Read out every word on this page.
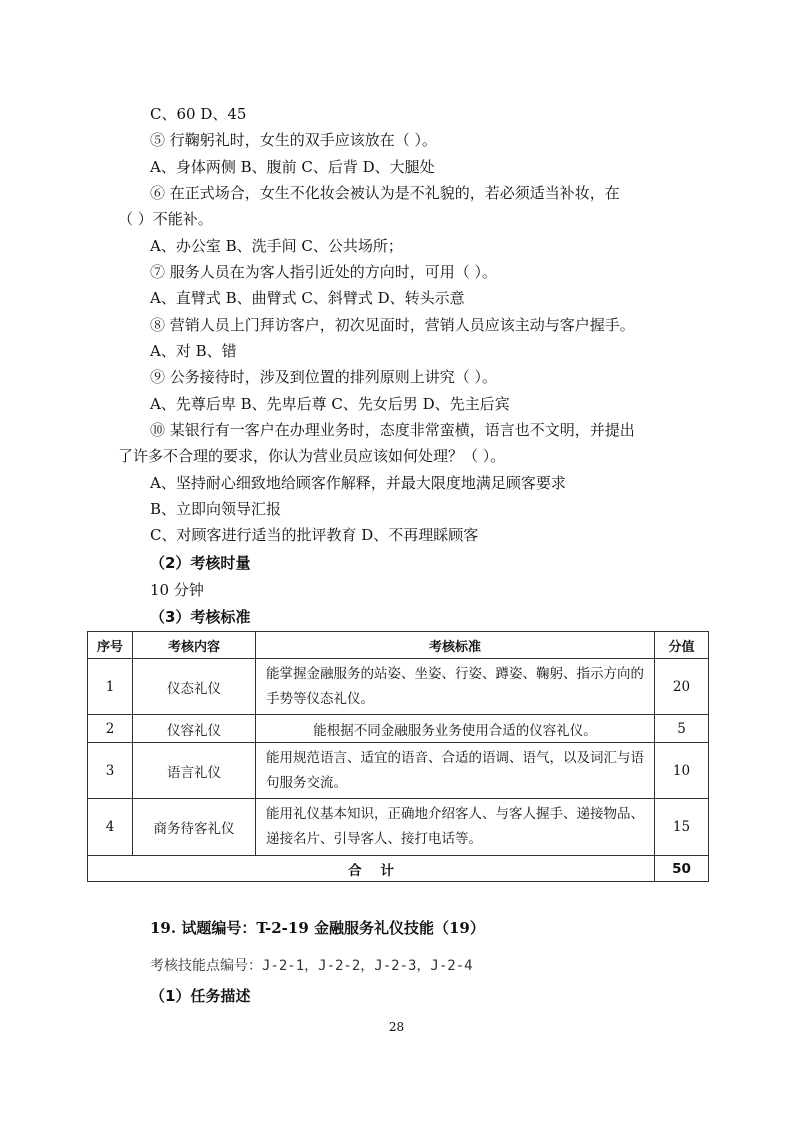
C、60 D、45
⑤ 行鞠躬礼时，女生的双手应该放在（ ）。
A、身体两侧 B、腹前 C、后背 D、大腿处
⑥ 在正式场合，女生不化妆会被认为是不礼貌的，若必须适当补妆，在
（ ）不能补。
A、办公室 B、洗手间 C、公共场所；
⑦ 服务人员在为客人指引近处的方向时，可用（ ）。
A、直臂式 B、曲臂式 C、斜臂式 D、转头示意
⑧ 营销人员上门拜访客户，初次见面时，营销人员应该主动与客户握手。
A、对 B、错
⑨ 公务接待时，涉及到位置的排列原则上讲究（ ）。
A、先尊后卑 B、先卑后尊 C、先女后男 D、先主后宾
⑩ 某银行有一客户在办理业务时，态度非常蛮横，语言也不文明，并提出
了许多不合理的要求，你认为营业员应该如何处理？（ ）。
A、坚持耐心细致地给顾客作解释，并最大限度地满足顾客要求
B、立即向领导汇报
C、对顾客进行适当的批评教育 D、不再理睬顾客
（2）考核时量
10 分钟
（3）考核标准
序号	考核内容	考核标准	分值
1	仪态礼仪	能掌握金融服务的站姿、坐姿、行姿、蹲姿、鞠躬、指示方向的手势等仪态礼仪。	20
2	仪容礼仪	能根据不同金融服务业务使用合适的仪容礼仪。	5
3	语言礼仪	能用规范语言、适宜的语音、合适的语调、语气，以及词汇与语句服务交流。	10
4	商务待客礼仪	能用礼仪基本知识，正确地介绍客人、与客人握手、递接物品、递接名片、引导客人、接打电话等。	15
合    计			50
19. 试题编号：T-2-19 金融服务礼仪技能（19）
考核技能点编号：J-2-1，J-2-2，J-2-3，J-2-4
（1）任务描述
28
